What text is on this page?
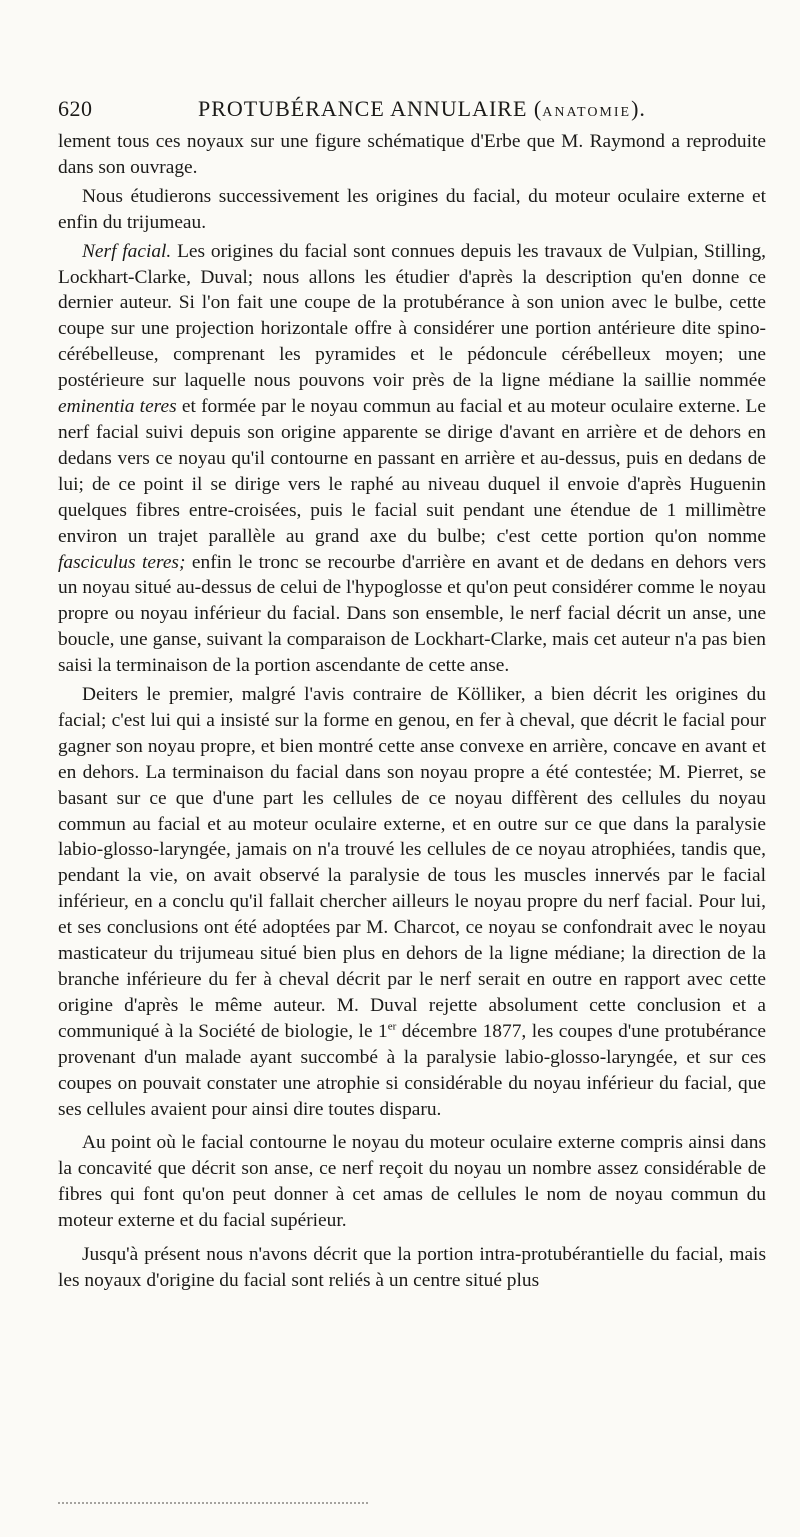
620	PROTUBÉRANCE ANNULAIRE (ANATOMIE).

lement tous ces noyaux sur une figure schématique d'Erbe que M. Raymond a reproduite dans son ouvrage.

Nous étudierons successivement les origines du facial, du moteur oculaire externe et enfin du trijumeau.

Nerf facial. Les origines du facial sont connues depuis les travaux de Vulpian, Stilling, Lockhart-Clarke, Duval; nous allons les étudier d'après la description qu'en donne ce dernier auteur. Si l'on fait une coupe de la protubérance à son union avec le bulbe, cette coupe sur une projection horizontale offre à considérer une portion antérieure dite spino-cérébelleuse, comprenant les pyramides et le pédoncule cérébelleux moyen; une postérieure sur laquelle nous pouvons voir près de la ligne médiane la saillie nommée eminentia teres et formée par le noyau commun au facial et au moteur oculaire externe. Le nerf facial suivi depuis son origine apparente se dirige d'avant en arrière et de dehors en dedans vers ce noyau qu'il contourne en passant en arrière et au-dessus, puis en dedans de lui; de ce point il se dirige vers le raphé au niveau duquel il envoie d'après Huguenin quelques fibres entre-croisées, puis le facial suit pendant une étendue de 1 millimètre environ un trajet parallèle au grand axe du bulbe; c'est cette portion qu'on nomme fasciculus teres; enfin le tronc se recourbe d'arrière en avant et de dedans en dehors vers un noyau situé au-dessus de celui de l'hypoglosse et qu'on peut considérer comme le noyau propre ou noyau inférieur du facial. Dans son ensemble, le nerf facial décrit un anse, une boucle, une ganse, suivant la comparaison de Lockhart-Clarke, mais cet auteur n'a pas bien saisi la terminaison de la portion ascendante de cette anse.

Deiters le premier, malgré l'avis contraire de Kölliker, a bien décrit les origines du facial; c'est lui qui a insisté sur la forme en genou, en fer à cheval, que décrit le facial pour gagner son noyau propre, et bien montré cette anse convexe en arrière, concave en avant et en dehors. La terminaison du facial dans son noyau propre a été contestée; M. Pierret, se basant sur ce que d'une part les cellules de ce noyau diffèrent des cellules du noyau commun au facial et au moteur oculaire externe, et en outre sur ce que dans la paralysie labio-glosso-laryngée, jamais on n'a trouvé les cellules de ce noyau atrophiées, tandis que, pendant la vie, on avait observé la paralysie de tous les muscles innervés par le facial inférieur, en a conclu qu'il fallait chercher ailleurs le noyau propre du nerf facial. Pour lui, et ses conclusions ont été adoptées par M. Charcot, ce noyau se confondrait avec le noyau masticateur du trijumeau situé bien plus en dehors de la ligne médiane; la direction de la branche inférieure du fer à cheval décrit par le nerf serait en outre en rapport avec cette origine d'après le même auteur. M. Duval rejette absolument cette conclusion et a communiqué à la Société de biologie, le 1er décembre 1877, les coupes d'une protubérance provenant d'un malade ayant succombé à la paralysie labio-glosso-laryngée, et sur ces coupes on pouvait constater une atrophie si considérable du noyau inférieur du facial, que ses cellules avaient pour ainsi dire toutes disparu.

Au point où le facial contourne le noyau du moteur oculaire externe compris ainsi dans la concavité que décrit son anse, ce nerf reçoit du noyau un nombre assez considérable de fibres qui font qu'on peut donner à cet amas de cellules le nom de noyau commun du moteur externe et du facial supérieur.

Jusqu'à présent nous n'avons décrit que la portion intra-protubérantielle du facial, mais les noyaux d'origine du facial sont reliés à un centre situé plus
